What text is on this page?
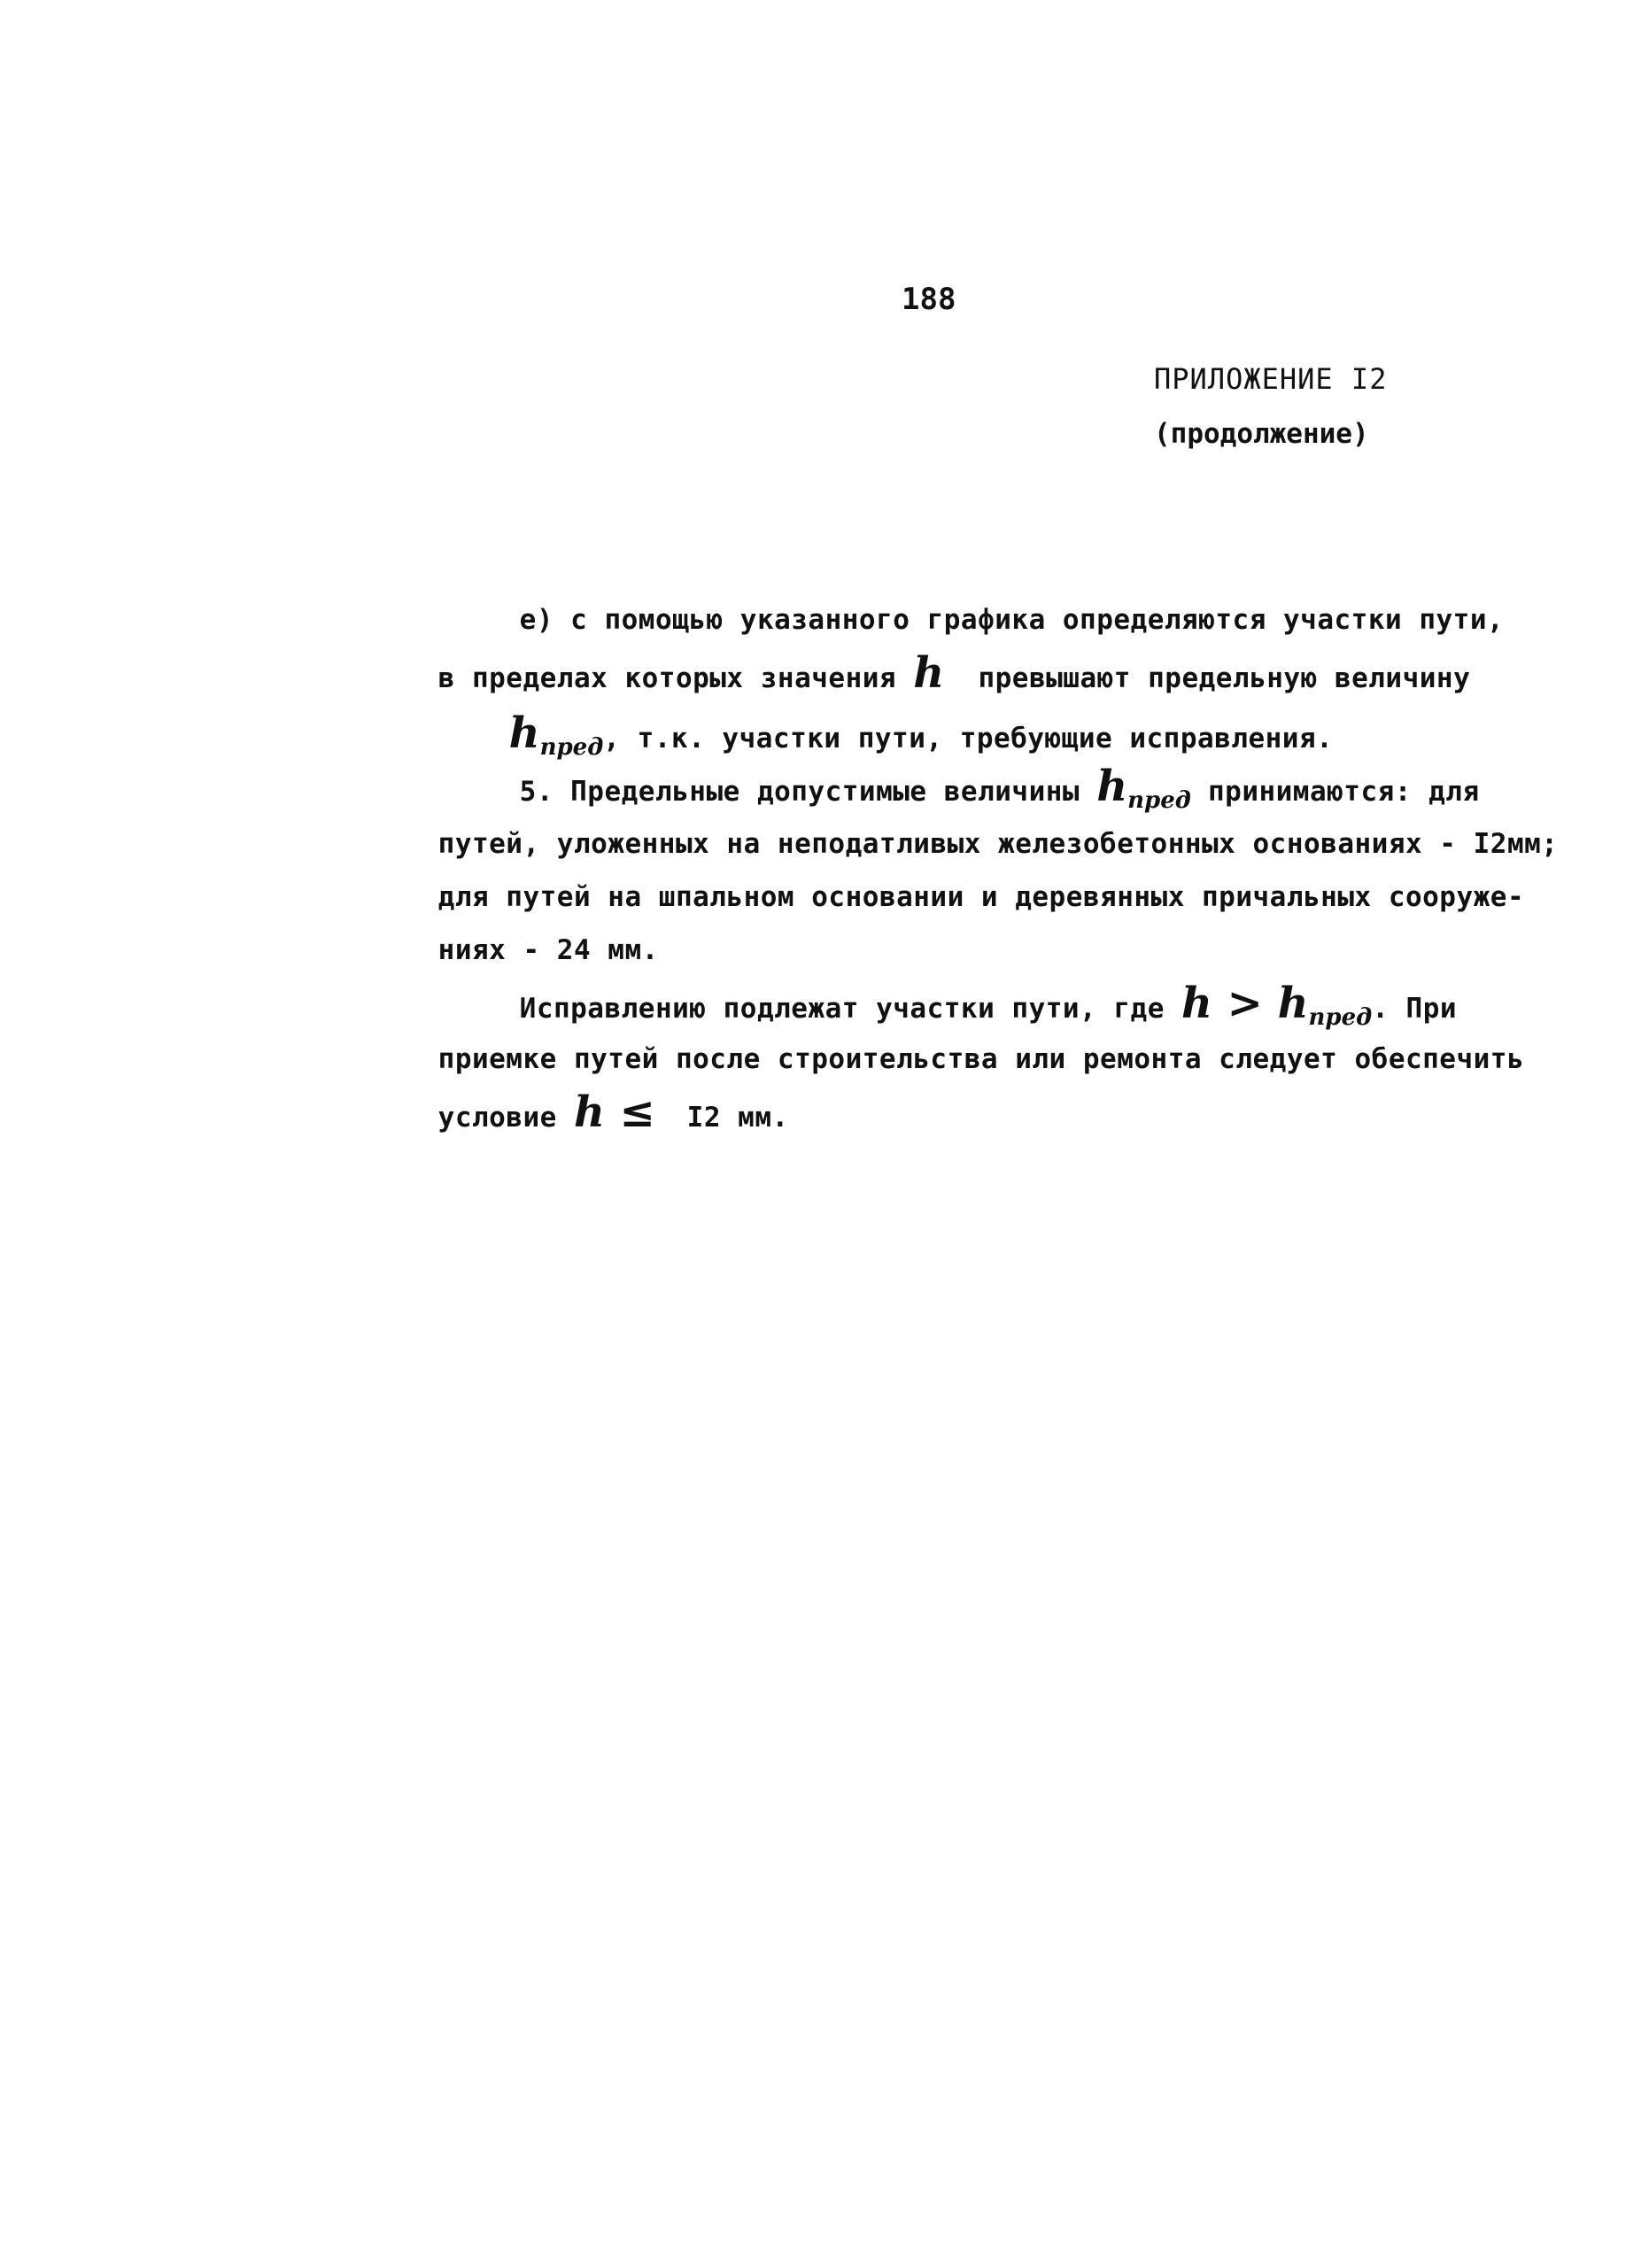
188
ПРИЛОЖЕНИЕ I2
(продолжение)

е) с помощью указанного графика определяются участки пути,

в пределах которых значения h  превышают предельную величину

$h_{пред}$, т.к. участки пути, требующие исправления.

5. Предельные допустимые величины $h_{пред}$ принимаются: для

путей, уложенных на неподатливых железобетонных основаниях - I2мм;

для путей на шпальном основании и деревянных причальных сооруже-

ниях - 24 мм.

Исправлению подлежат участки пути, где $h > h_{пред}$. При

приемке путей после строительства или ремонта следует обеспечить

условие h ≤  I2 мм.
